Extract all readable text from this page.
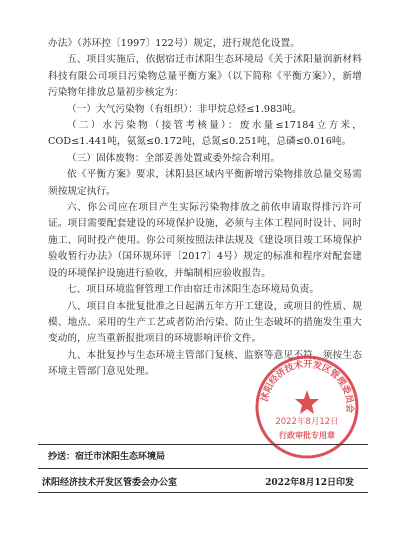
办法》（苏环控〔1997〕122号）规定，进行规范化设置。

五、项目实施后，依据宿迁市沭阳生态环境局《关于沭阳量润新材料科技有限公司项目污染物总量平衡方案》（以下简称《平衡方案》），新增污染物年排放总量初步核定为：

（一）大气污染物（有组织）：非甲烷总烃≤1.983吨。

（二）水污染物（接管考核量）：废水量≤17184立方米，COD≤1.441吨，氨氮≤0.172吨，总氮≤0.251吨，总磷≤0.016吨。

（三）固体废物：全部妥善处置或委外综合利用。

依《平衡方案》要求，沭阳县区域内平衡新增污染物排放总量交易需须按规定执行。

六、你公司应在项目产生实际污染物排放之前依申请取得排污许可证。项目需要配套建设的环境保护设施，必须与主体工程同时设计、同时施工、同时投产使用。你公司须按照法律法规及《建设项目竣工环境保护验收暂行办法》（国环规环评〔2017〕4号）规定的标准和程序对配套建设的环境保护设施进行验收，并编制相应验收报告。

七、项目环境监督管理工作由宿迁市沭阳生态环境局负责。

八、项目自本批复批准之日起满五年方开工建设，或项目的性质、规模、地点、采用的生产工艺或者防治污染、防止生态破坏的措施发生重大变动的，应当重新报批项目的环境影响评价文件。

九、本批复抄与生态环境主管部门复核、监察等意见不符，须按生态环境主管部门意见处理。

沭阳经济技术开发区管理委员会
2022年8月12日
行政审批专用章
抄送：宿迁市沭阳生态环境局
沭阳经济技术开发区管委会办公室	2022年8月12日印发
